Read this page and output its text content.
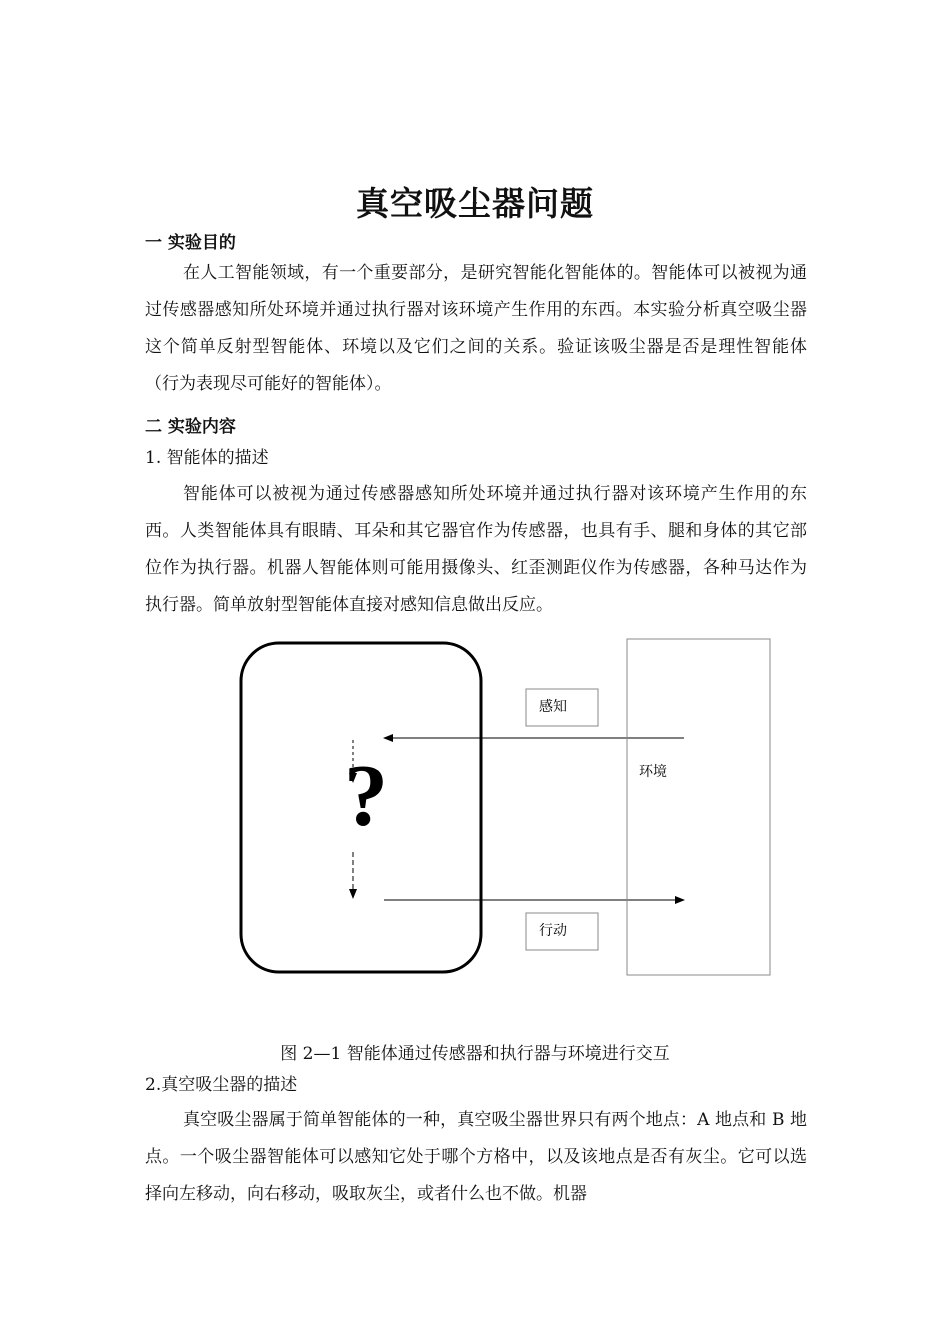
真空吸尘器问题
一 实验目的

在人工智能领域，有一个重要部分，是研究智能化智能体的。智能体可以被视为通过传感器感知所处环境并通过执行器对该环境产生作用的东西。本实验分析真空吸尘器这个简单反射型智能体、环境以及它们之间的关系。验证该吸尘器是否是理性智能体（行为表现尽可能好的智能体）。

二 实验内容
1. 智能体的描述

智能体可以被视为通过传感器感知所处环境并通过执行器对该环境产生作用的东西。人类智能体具有眼睛、耳朵和其它器官作为传感器，也具有手、腿和身体的其它部位作为执行器。机器人智能体则可能用摄像头、红歪测距仪作为传感器，各种马达作为执行器。简单放射型智能体直接对感知信息做出反应。

?
感知
行动
环境
图 2—1 智能体通过传感器和执行器与环境进行交互
2.真空吸尘器的描述

真空吸尘器属于简单智能体的一种，真空吸尘器世界只有两个地点：A 地点和 B 地点。一个吸尘器智能体可以感知它处于哪个方格中，以及该地点是否有灰尘。它可以选择向左移动，向右移动，吸取灰尘，或者什么也不做。机器
